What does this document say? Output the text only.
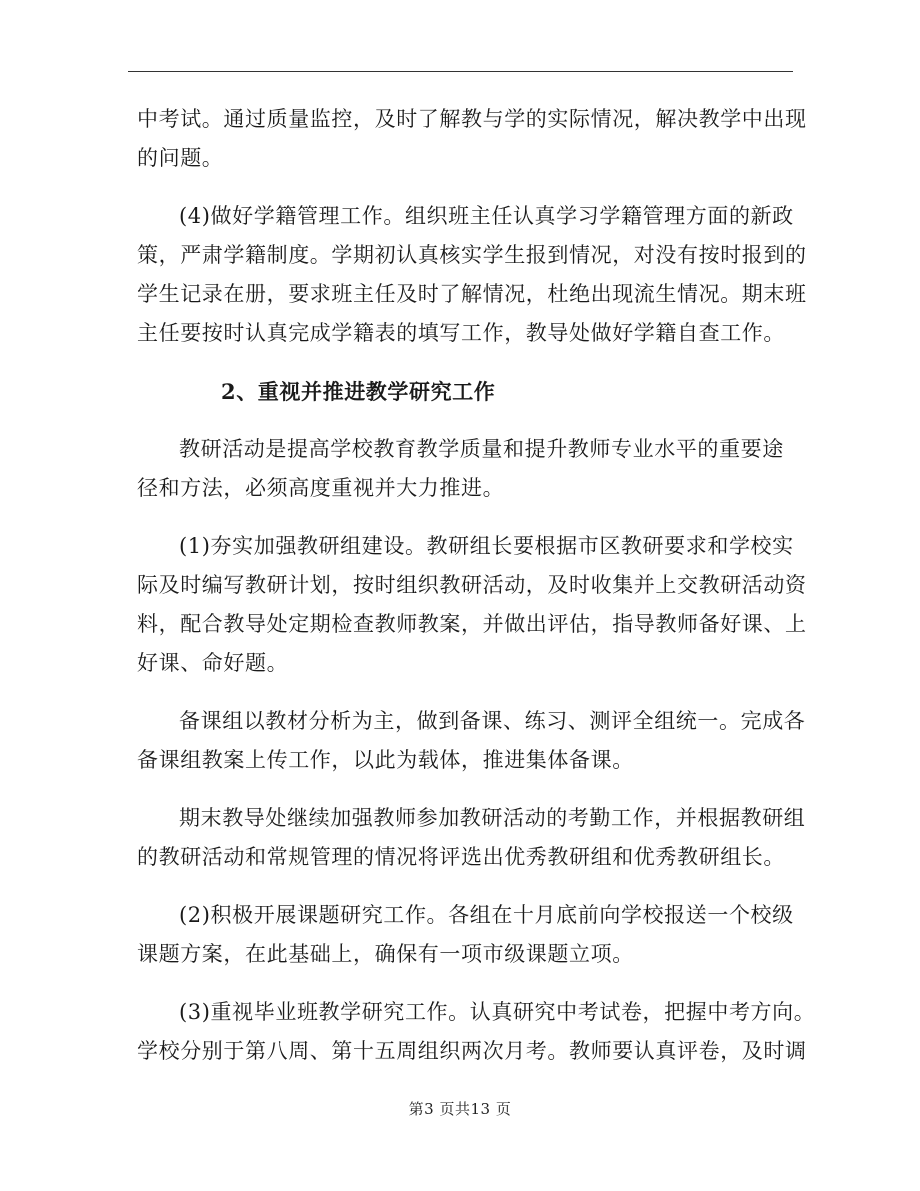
中考试。通过质量监控，及时了解教与学的实际情况，解决教学中出现
的问题。

(4)做好学籍管理工作。组织班主任认真学习学籍管理方面的新政
策，严肃学籍制度。学期初认真核实学生报到情况，对没有按时报到的
学生记录在册，要求班主任及时了解情况，杜绝出现流生情况。期末班
主任要按时认真完成学籍表的填写工作，教导处做好学籍自查工作。

2、重视并推进教学研究工作

教研活动是提高学校教育教学质量和提升教师专业水平的重要途
径和方法，必须高度重视并大力推进。

(1)夯实加强教研组建设。教研组长要根据市区教研要求和学校实
际及时编写教研计划，按时组织教研活动，及时收集并上交教研活动资
料，配合教导处定期检查教师教案，并做出评估，指导教师备好课、上
好课、命好题。

备课组以教材分析为主，做到备课、练习、测评全组统一。完成各
备课组教案上传工作，以此为载体，推进集体备课。

期末教导处继续加强教师参加教研活动的考勤工作，并根据教研组
的教研活动和常规管理的情况将评选出优秀教研组和优秀教研组长。

(2)积极开展课题研究工作。各组在十月底前向学校报送一个校级
课题方案，在此基础上，确保有一项市级课题立项。

(3)重视毕业班教学研究工作。认真研究中考试卷，把握中考方向。
学校分别于第八周、第十五周组织两次月考。教师要认真评卷，及时调

第3 页共13 页
